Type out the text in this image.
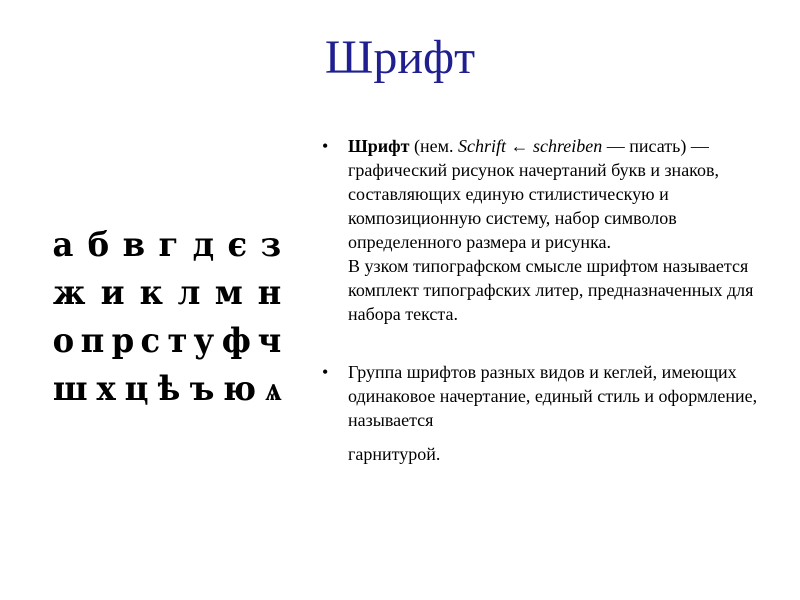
Шрифт
а б в г д є з
ж и к л м н
о п р с т у ф ч
ш х ц ѣ ъ ю ѧ
• Шрифт (нем. Schrift ← schreiben — писать) — графический рисунок начертаний букв и знаков, составляющих единую стилистическую и композиционную систему, набор символов определенного размера и рисунка.
В узком типографском смысле шрифтом называется комплект типографских литер, предназначенных для набора текста.
• Группа шрифтов разных видов и кеглей, имеющих одинаковое начертание, единый стиль и оформление, называется
гарнитурой.
